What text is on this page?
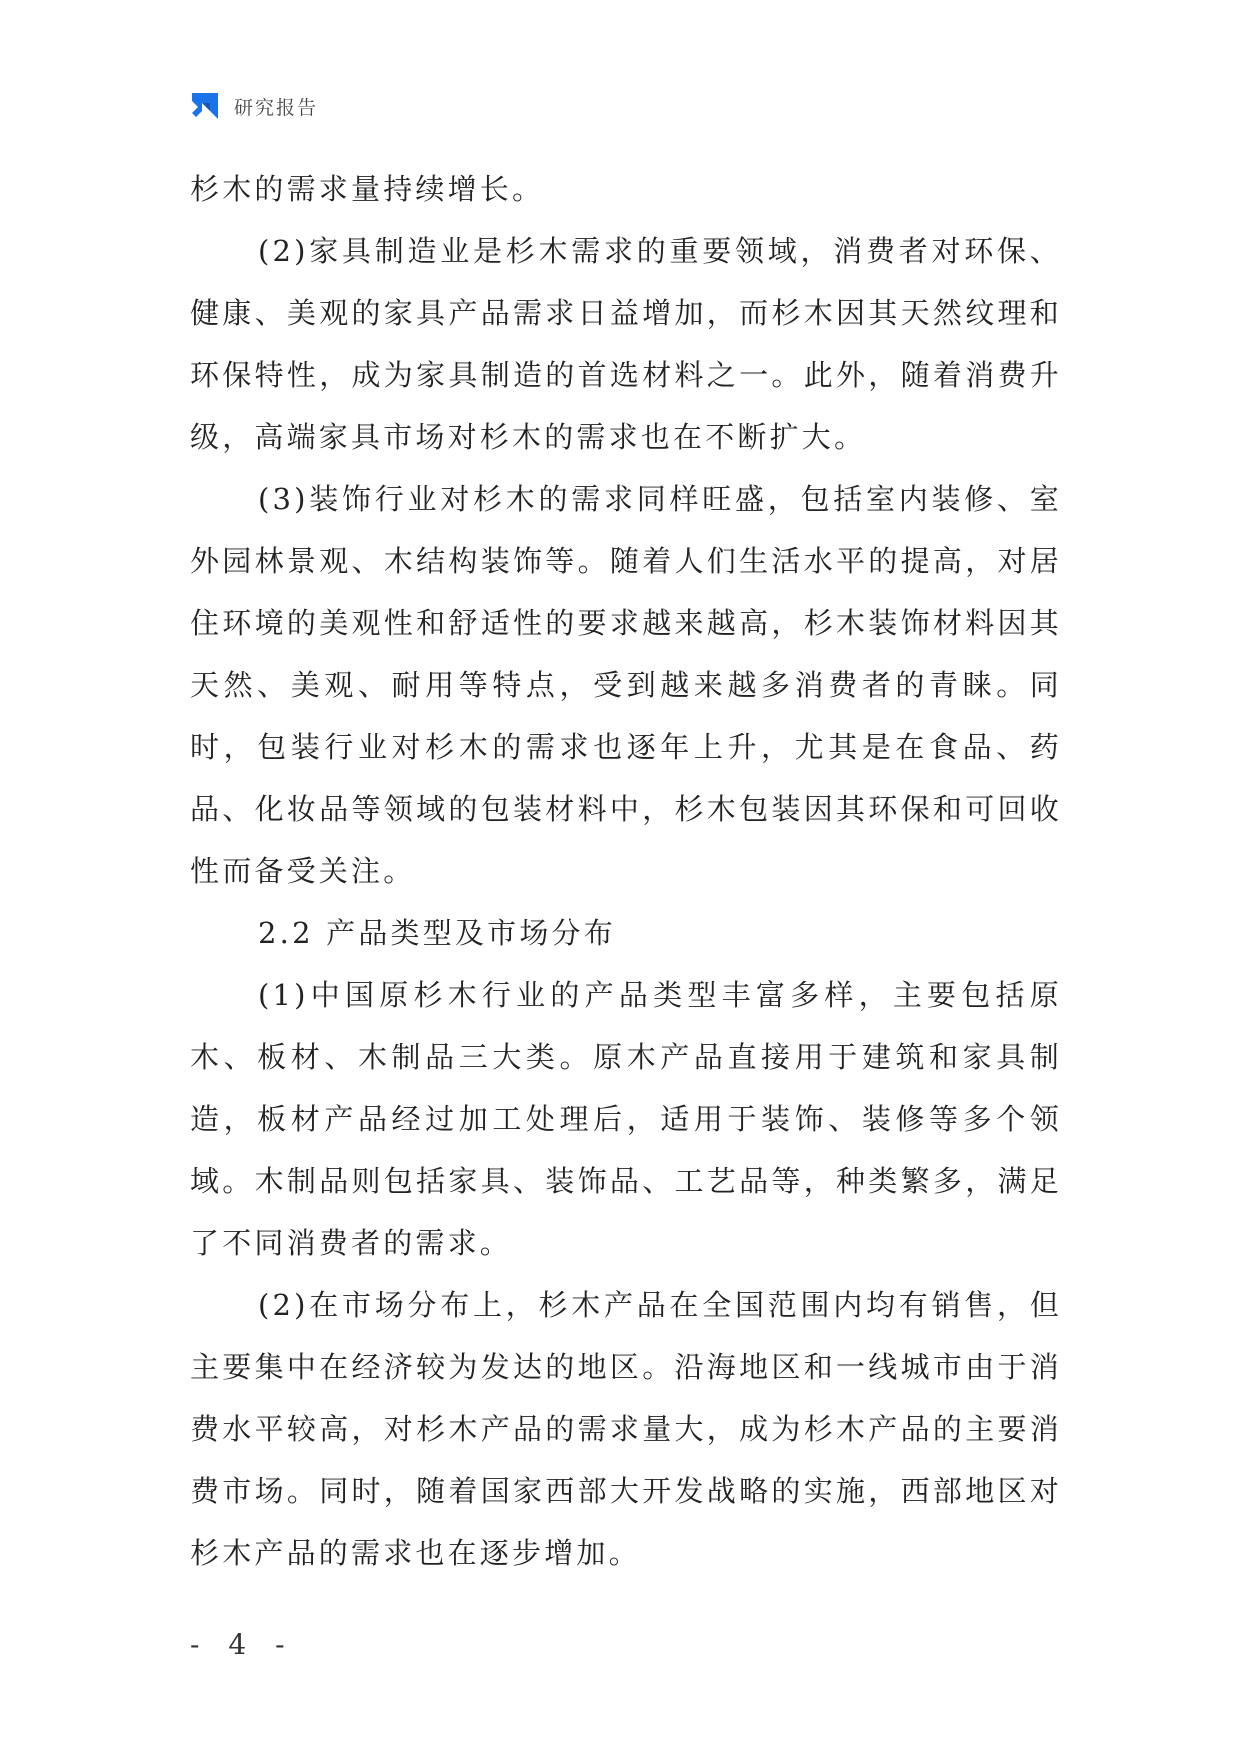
研究报告

杉木的需求量持续增长。

(2)家具制造业是杉木需求的重要领域，消费者对环保、健康、美观的家具产品需求日益增加，而杉木因其天然纹理和环保特性，成为家具制造的首选材料之一。此外，随着消费升级，高端家具市场对杉木的需求也在不断扩大。

(3)装饰行业对杉木的需求同样旺盛，包括室内装修、室外园林景观、木结构装饰等。随着人们生活水平的提高，对居住环境的美观性和舒适性的要求越来越高，杉木装饰材料因其天然、美观、耐用等特点，受到越来越多消费者的青睐。同时，包装行业对杉木的需求也逐年上升，尤其是在食品、药品、化妆品等领域的包装材料中，杉木包装因其环保和可回收性而备受关注。

2.2 产品类型及市场分布

(1)中国原杉木行业的产品类型丰富多样，主要包括原木、板材、木制品三大类。原木产品直接用于建筑和家具制造，板材产品经过加工处理后，适用于装饰、装修等多个领域。木制品则包括家具、装饰品、工艺品等，种类繁多，满足了不同消费者的需求。

(2)在市场分布上，杉木产品在全国范围内均有销售，但主要集中在经济较为发达的地区。沿海地区和一线城市由于消费水平较高，对杉木产品的需求量大，成为杉木产品的主要消费市场。同时，随着国家西部大开发战略的实施，西部地区对杉木产品的需求也在逐步增加。

- 4 -
